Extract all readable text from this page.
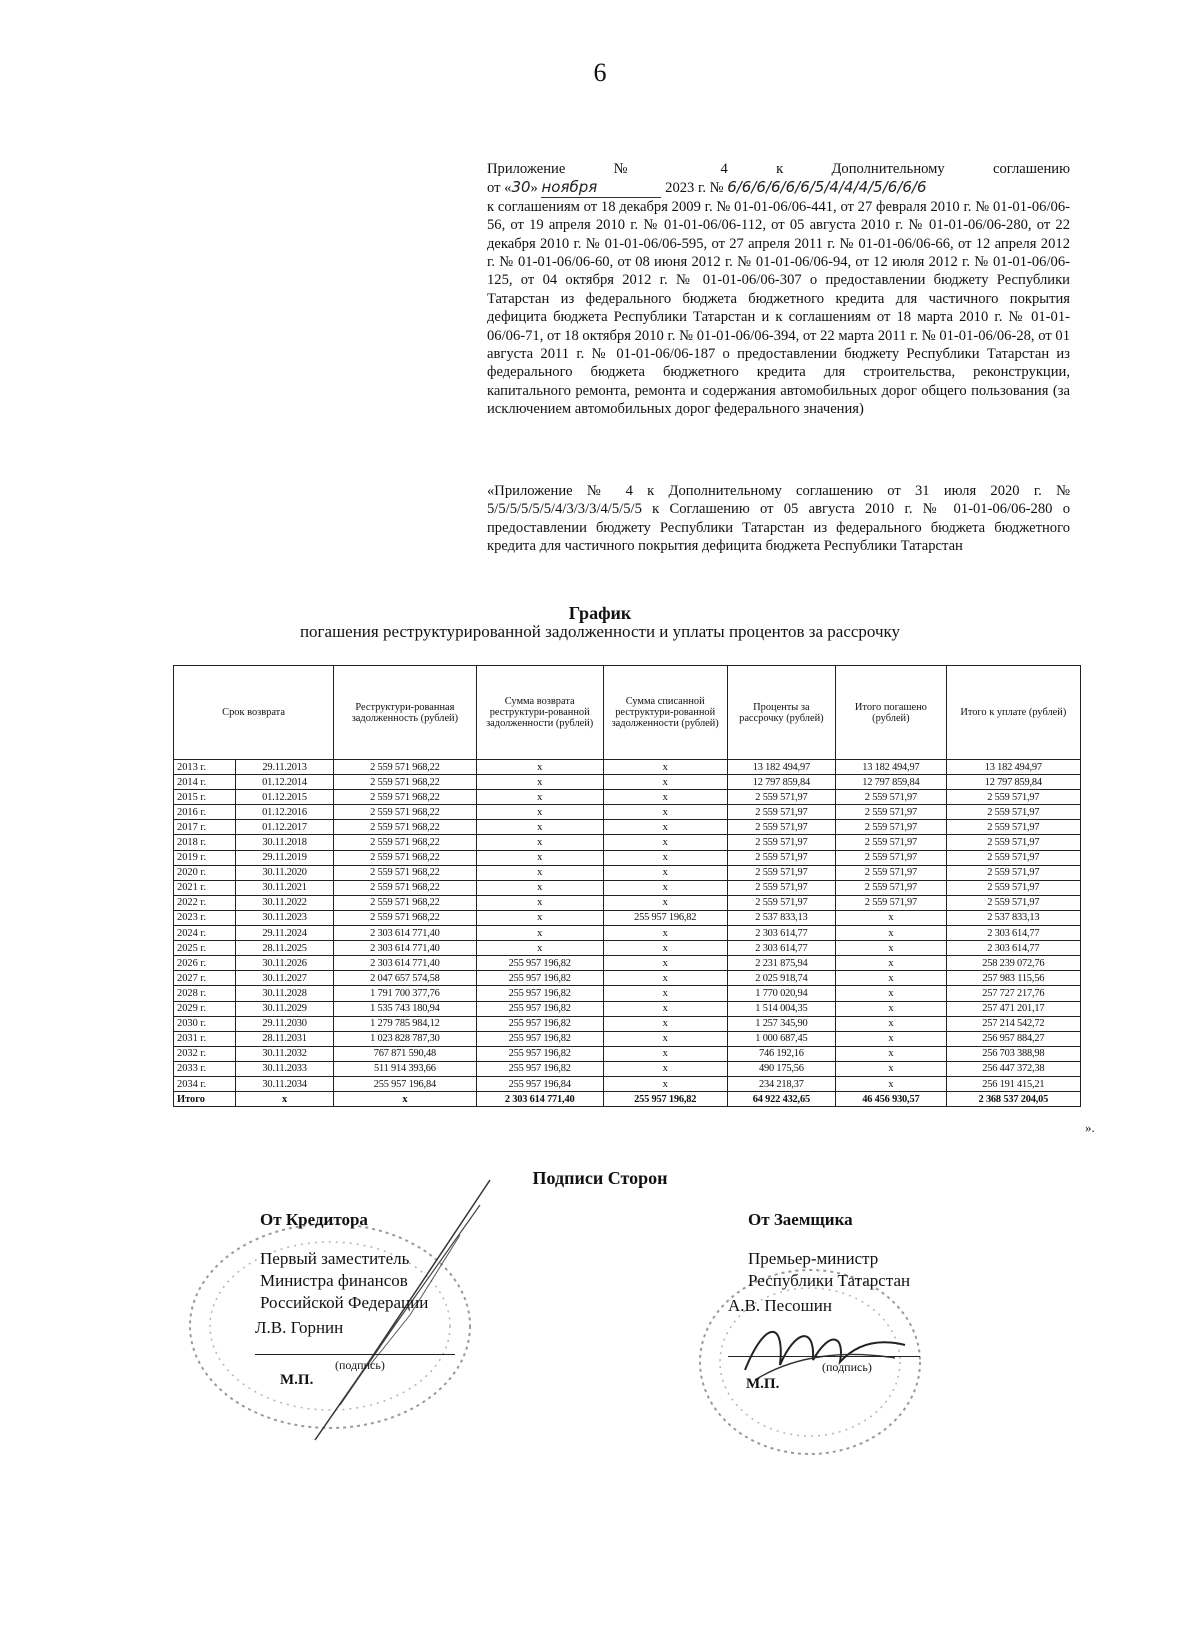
6
Приложение № 4 к Дополнительному соглашению
от «30» ноября	2023 г. № 6/6/6/6/6/6/5/4/4/4/5/6/6/6
к соглашениям от 18 декабря 2009 г. № 01-01-06/06-441, от 27 февраля 2010 г. № 01-01-06/06-56, от 19 апреля 2010 г. № 01-01-06/06-112, от 05 августа 2010 г. № 01-01-06/06-280, от 22 декабря 2010 г. № 01-01-06/06-595, от 27 апреля 2011 г. № 01-01-06/06-66, от 12 апреля 2012 г. № 01-01-06/06-60, от 08 июня 2012 г. № 01-01-06/06-94, от 12 июля 2012 г. № 01-01-06/06-125, от 04 октября 2012 г. № 01-01-06/06-307 о предоставлении бюджету Республики Татарстан из федерального бюджета бюджетного кредита для частичного покрытия дефицита бюджета Республики Татарстан и к соглашениям от 18 марта 2010 г. № 01-01-06/06-71, от 18 октября 2010 г. № 01-01-06/06-394, от 22 марта 2011 г. № 01-01-06/06-28, от 01 августа 2011 г. № 01-01-06/06-187 о предоставлении бюджету Республики Татарстан из федерального бюджета бюджетного кредита для строительства, реконструкции, капитального ремонта, ремонта и содержания автомобильных дорог общего пользования (за исключением автомобильных дорог федерального значения)
«Приложение № 4 к Дополнительному соглашению от 31 июля 2020 г. № 5/5/5/5/5/5/4/3/3/3/4/5/5/5 к Соглашению от 05 августа 2010 г. № 01-01-06/06-280 о предоставлении бюджету Республики Татарстан из федерального бюджета бюджетного кредита для частичного покрытия дефицита бюджета Республики Татарстан
График
погашения реструктурированной задолженности и уплаты процентов за рассрочку
Срок возврата		Реструктури-рованная задолженность (рублей)	Сумма возврата реструктури-рованной задолженности (рублей)	Сумма списанной реструктури-рованной задолженности (рублей)	Проценты за рассрочку (рублей)	Итого погашено (рублей)	Итого к уплате (рублей)
2013 г.	29.11.2013	2 559 571 968,22	x	x	13 182 494,97	13 182 494,97	13 182 494,97
2014 г.	01.12.2014	2 559 571 968,22	x	x	12 797 859,84	12 797 859,84	12 797 859,84
2015 г.	01.12.2015	2 559 571 968,22	x	x	2 559 571,97	2 559 571,97	2 559 571,97
2016 г.	01.12.2016	2 559 571 968,22	x	x	2 559 571,97	2 559 571,97	2 559 571,97
2017 г.	01.12.2017	2 559 571 968,22	x	x	2 559 571,97	2 559 571,97	2 559 571,97
2018 г.	30.11.2018	2 559 571 968,22	x	x	2 559 571,97	2 559 571,97	2 559 571,97
2019 г.	29.11.2019	2 559 571 968,22	x	x	2 559 571,97	2 559 571,97	2 559 571,97
2020 г.	30.11.2020	2 559 571 968,22	x	x	2 559 571,97	2 559 571,97	2 559 571,97
2021 г.	30.11.2021	2 559 571 968,22	x	x	2 559 571,97	2 559 571,97	2 559 571,97
2022 г.	30.11.2022	2 559 571 968,22	x	x	2 559 571,97	2 559 571,97	2 559 571,97
2023 г.	30.11.2023	2 559 571 968,22	x	255 957 196,82	2 537 833,13	x	2 537 833,13
2024 г.	29.11.2024	2 303 614 771,40	x	x	2 303 614,77	x	2 303 614,77
2025 г.	28.11.2025	2 303 614 771,40	x	x	2 303 614,77	x	2 303 614,77
2026 г.	30.11.2026	2 303 614 771,40	255 957 196,82	x	2 231 875,94	x	258 239 072,76
2027 г.	30.11.2027	2 047 657 574,58	255 957 196,82	x	2 025 918,74	x	257 983 115,56
2028 г.	30.11.2028	1 791 700 377,76	255 957 196,82	x	1 770 020,94	x	257 727 217,76
2029 г.	30.11.2029	1 535 743 180,94	255 957 196,82	x	1 514 004,35	x	257 471 201,17
2030 г.	29.11.2030	1 279 785 984,12	255 957 196,82	x	1 257 345,90	x	257 214 542,72
2031 г.	28.11.2031	1 023 828 787,30	255 957 196,82	x	1 000 687,45	x	256 957 884,27
2032 г.	30.11.2032	767 871 590,48	255 957 196,82	x	746 192,16	x	256 703 388,98
2033 г.	30.11.2033	511 914 393,66	255 957 196,82	x	490 175,56	x	256 447 372,38
2034 г.	30.11.2034	255 957 196,84	255 957 196,84	x	234 218,37	x	256 191 415,21
Итого	x	x	2 303 614 771,40	255 957 196,82	64 922 432,65	46 456 930,57	2 368 537 204,05
».
Подписи Сторон
От Кредитора
Первый заместитель
Министра финансов
Российской Федерации
Л.В. Горнин
(подпись)
М.П.
От Заемщика
Премьер-министр
Республики Татарстан
А.В. Песошин
(подпись)
М.П.
